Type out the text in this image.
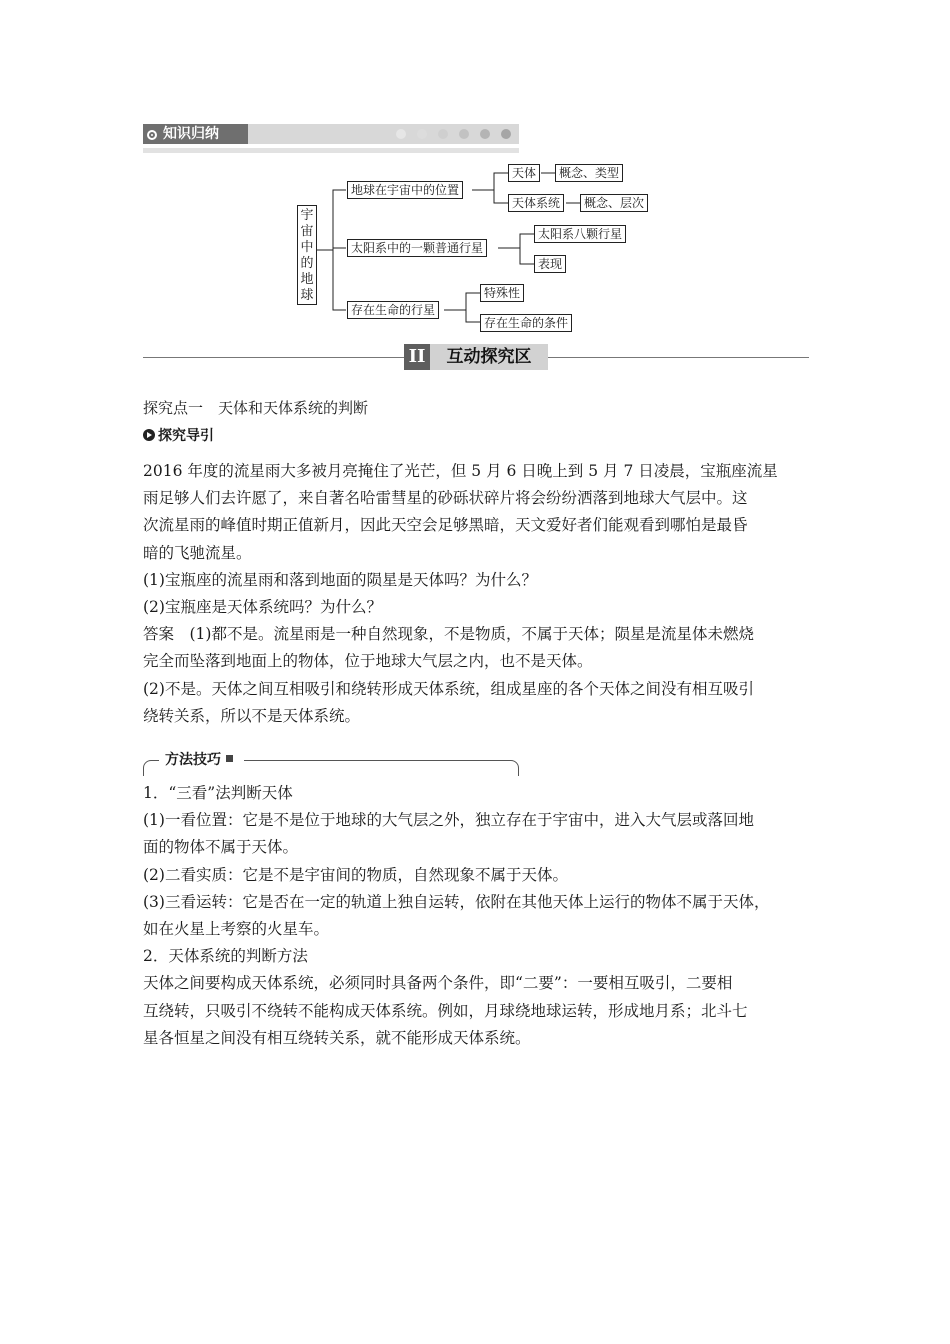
知识归纳
宇宙中的地球
地球在宇宙中的位置
太阳系中的一颗普通行星
存在生命的行星
天体
天体系统
太阳系八颗行星
表现
特殊性
存在生命的条件
概念、类型
概念、层次
II	互动探究区
探究点一　天体和天体系统的判断
探究导引
2016 年度的流星雨大多被月亮掩住了光芒，但 5 月 6 日晚上到 5 月 7 日凌晨，宝瓶座流星
雨足够人们去许愿了，来自著名哈雷彗星的砂砾状碎片将会纷纷洒落到地球大气层中。这
次流星雨的峰值时期正值新月，因此天空会足够黑暗，天文爱好者们能观看到哪怕是最昏
暗的飞驰流星。
(1)宝瓶座的流星雨和落到地面的陨星是天体吗？为什么？
(2)宝瓶座是天体系统吗？为什么？
答案　(1)都不是。流星雨是一种自然现象，不是物质，不属于天体；陨星是流星体未燃烧
完全而坠落到地面上的物体，位于地球大气层之内，也不是天体。
(2)不是。天体之间互相吸引和绕转形成天体系统，组成星座的各个天体之间没有相互吸引
绕转关系，所以不是天体系统。
方法技巧
1．“三看”法判断天体
(1)一看位置：它是不是位于地球的大气层之外，独立存在于宇宙中，进入大气层或落回地
面的物体不属于天体。
(2)二看实质：它是不是宇宙间的物质，自然现象不属于天体。
(3)三看运转：它是否在一定的轨道上独自运转，依附在其他天体上运行的物体不属于天体，
如在火星上考察的火星车。
2．天体系统的判断方法
天体之间要构成天体系统，必须同时具备两个条件，即“二要”：一要相互吸引，二要相
互绕转，只吸引不绕转不能构成天体系统。例如，月球绕地球运转，形成地月系；北斗七
星各恒星之间没有相互绕转关系，就不能形成天体系统。
